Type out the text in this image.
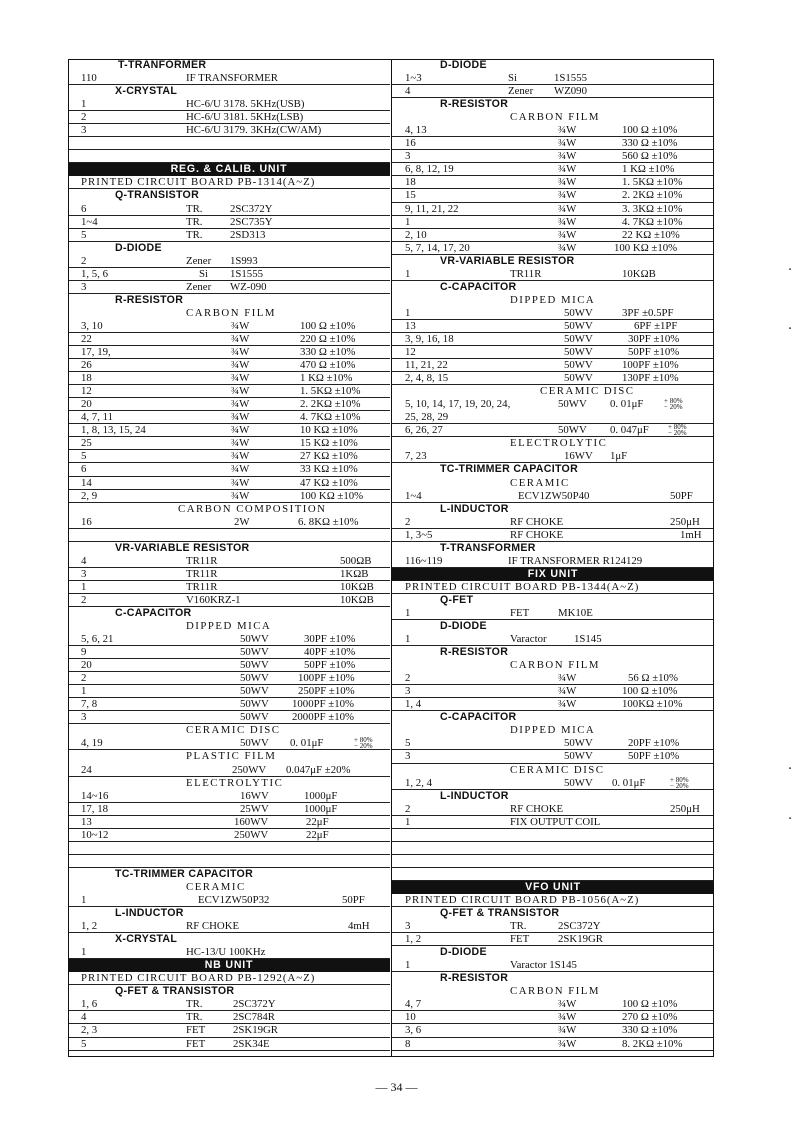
T-TRANFORMER
110	IF TRANSFORMER
X-CRYSTAL
1	HC-6/U 3178. 5KHz(USB)
2	HC-6/U 3181. 5KHz(LSB)
3	HC-6/U 3179. 3KHz(CW/AM)
REG. & CALIB. UNIT
PRINTED CIRCUIT BOARD PB-1314(A~Z)
Q-TRANSISTOR
6	TR.	2SC372Y
1~4	TR.	2SC735Y
5	TR.	2SD313
D-DIODE
2	Zener 1S993
1, 5, 6	Si 1S1555
3	Zener WZ-090
R-RESISTOR
CARBON FILM
3, 10	¾W	100 Ω ±10%
22	¾W	220 Ω ±10%
17, 19,	¾W	330 Ω ±10%
26	¾W	470 Ω ±10%
18	¾W	1 KΩ ±10%
12	¾W	1. 5KΩ ±10%
20	¾W	2. 2KΩ ±10%
4, 7, 11	¾W	4. 7KΩ ±10%
1, 8, 13, 15, 24	¾W	10 KΩ ±10%
25	¾W	15 KΩ ±10%
5	¾W	27 KΩ ±10%
6	¾W	33 KΩ ±10%
14	¾W	47 KΩ ±10%
2, 9	¾W	100 KΩ ±10%
CARBON COMPOSITION
16	2W	6. 8KΩ ±10%
VR-VARIABLE RESISTOR
4	TR11R	500ΩB
3	TR11R	1KΩB
1	TR11R	10KΩB
2	V160KRZ-1	10KΩB
C-CAPACITOR
DIPPED MICA
5, 6, 21	50WV	30PF ±10%
9	50WV	40PF ±10%
20	50WV	50PF ±10%
2	50WV	100PF ±10%
1	50WV	250PF ±10%
7, 8	50WV 1000PF ±10%
3	50WV 2000PF ±10%
CERAMIC DISC
4, 19	50WV 0. 01μF	+ 80% − 20%
PLASTIC FILM
24	250WV 0.047μF ±20%
ELECTROLYTIC
14~16	16WV	1000μF
17, 18	25WV	1000μF
13	160WV	22μF
10~12	250WV	22μF
TC-TRIMMER CAPACITOR
CERAMIC
1	ECV1ZW50P32	50PF
L-INDUCTOR
1, 2	RF CHOKE	4mH
X-CRYSTAL
1	HC-13/U 100KHz
NB UNIT
PRINTED CIRCUIT BOARD PB-1292(A~Z)
Q-FET & TRANSISTOR
1, 6	TR.	2SC372Y
4	TR.	2SC784R
2, 3	FET	2SK19GR
5	FET	2SK34E
D-DIODE
1~3	Si	1S1555
4	Zener WZ090
R-RESISTOR
CARBON FILM
4, 13	¾W	100 Ω ±10%
16	¾W	330 Ω ±10%
3	¾W	560 Ω ±10%
6, 8, 12, 19	¾W	1 KΩ ±10%
18	¾W	1. 5KΩ ±10%
15	¾W	2. 2KΩ ±10%
9, 11, 21, 22	¾W	3. 3KΩ ±10%
1	¾W	4. 7KΩ ±10%
2, 10	¾W	22 KΩ ±10%
5, 7, 14, 17, 20	¾W	100 KΩ ±10%
VR-VARIABLE RESISTOR
1	TR11R	10KΩB
C-CAPACITOR
DIPPED MICA
1	50WV	3PF ±0.5PF
13	50WV	6PF ±1PF
3, 9, 16, 18	50WV	30PF ±10%
12	50WV	50PF ±10%
11, 21, 22	50WV	100PF ±10%
2, 4, 8, 15	50WV	130PF ±10%
CERAMIC DISC
5, 10, 14, 17, 19, 20, 24,	50WV 0. 01μF	+ 80% − 20%
25, 28, 29
6, 26, 27	50WV 0. 047μF	+ 80% − 20%
ELECTROLYTIC
7, 23	16WV 1μF
TC-TRIMMER CAPACITOR
CERAMIC
1~4	ECV1ZW50P40	50PF
L-INDUCTOR
2	RF CHOKE	250μH
1, 3~5	RF CHOKE	1mH
T-TRANSFORMER
116~119	IF TRANSFORMER R124129
FIX UNIT
PRINTED CIRCUIT BOARD PB-1344(A~Z)
Q-FET
1	FET	MK10E
D-DIODE
1	Varactor	1S145
R-RESISTOR
CARBON FILM
2	¾W	56 Ω ±10%
3	¾W	100 Ω ±10%
1, 4	¾W	100KΩ ±10%
C-CAPACITOR
DIPPED MICA
5	50WV	20PF ±10%
3	50WV	50PF ±10%
CERAMIC DISC
1, 2, 4	50WV 0. 01μF	+ 80% − 20%
L-INDUCTOR
2	RF CHOKE	250μH
1	FIX OUTPUT COIL
VFO UNIT
PRINTED CIRCUIT BOARD PB-1056(A~Z)
Q-FET & TRANSISTOR
3	TR.	2SC372Y
1, 2	FET	2SK19GR
D-DIODE
1	Varactor 1S145
R-RESISTOR
CARBON FILM
4, 7	¾W	100 Ω ±10%
10	¾W	270 Ω ±10%
3, 6	¾W	330 Ω ±10%
8	¾W	8. 2KΩ ±10%
— 34 —
·
·
·
·
